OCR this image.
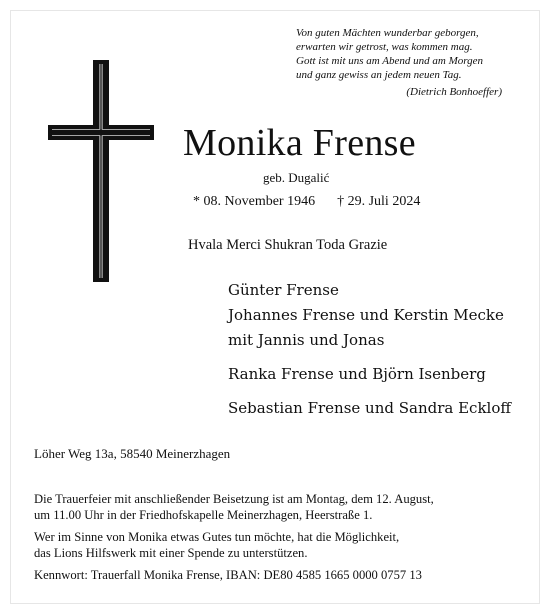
Von guten Mächten wunderbar geborgen,
erwarten wir getrost, was kommen mag.
Gott ist mit uns am Abend und am Morgen
und ganz gewiss an jedem neuen Tag.
(Dietrich Bonhoeffer)
Monika Frense
geb. Dugalić
* 08. November 1946 † 29. Juli 2024
Hvala Merci Shukran Toda Grazie
Günter Frense
Johannes Frense und Kerstin Mecke
mit Jannis und Jonas
Ranka Frense und Björn Isenberg
Sebastian Frense und Sandra Eckloff
Löher Weg 13a, 58540 Meinerzhagen
Die Trauerfeier mit anschließender Beisetzung ist am Montag, dem 12. August,
um 11.00 Uhr in der Friedhofskapelle Meinerzhagen, Heerstraße 1.
Wer im Sinne von Monika etwas Gutes tun möchte, hat die Möglichkeit,
das Lions Hilfswerk mit einer Spende zu unterstützen.
Kennwort: Trauerfall Monika Frense, IBAN: DE80 4585 1665 0000 0757 13
